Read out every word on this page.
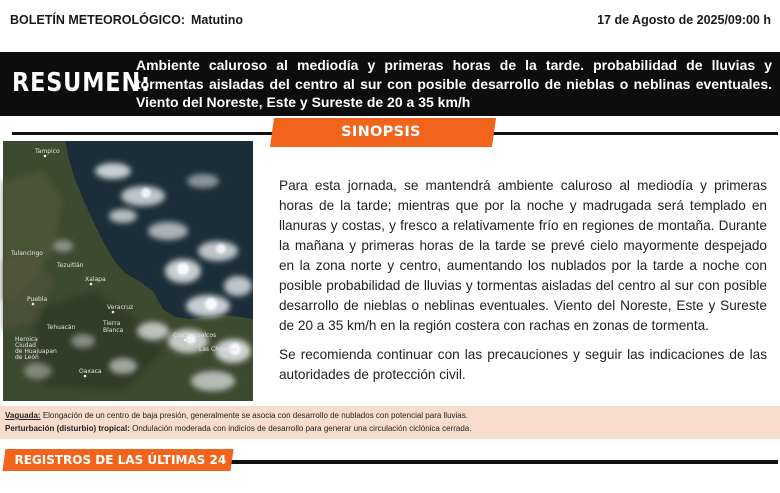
BOLETÍN METEOROLÓGICO: Matutino	17 de Agosto de 2025/09:00 h
RESUMEN:
Ambiente caluroso al mediodía y primeras horas de la tarde. probabilidad de lluvias y tormentas aisladas del centro al sur con posible desarrollo de nieblas o neblinas eventuales. Viento del Noreste, Este y Sureste de 20 a 35 km/h
SINOPSIS METEOROLÓGICA
Tampico
Tulancingo
Tezuitlán
Xalapa
Puebla
Veracruz
Tehuacán
Tierra
Blanca
Coatzacoalcos
Heroica
Ciudad
de Huajuapan
de León
Oaxaca
Las Choapas

Para esta jornada, se mantendrá ambiente caluroso al mediodía y primeras horas de la tarde; mientras que por la noche y madrugada será templado en llanuras y costas, y fresco a relativamente frío en regiones de montaña. Durante la mañana y primeras horas de la tarde se prevé cielo mayormente despejado en la zona norte y centro, aumentando los nublados por la tarde a noche con posible probabilidad de lluvias y tormentas aisladas del centro al sur con posible desarrollo de nieblas o neblinas eventuales. Viento del Noreste, Este y Sureste de 20 a 35 km/h en la región costera con rachas en zonas de tormenta.

Se recomienda continuar con las precauciones y seguir las indicaciones de las autoridades de protección civil.

Vaguada: Elongación de un centro de baja presión, generalmente se asocia con desarrollo de nublados con potencial para lluvias.
Perturbación (disturbio) tropical: Ondulación moderada con indicios de desarrollo para generar una circulación ciclónica cerrada.
REGISTROS DE LAS ÚLTIMAS 24 HORAS
